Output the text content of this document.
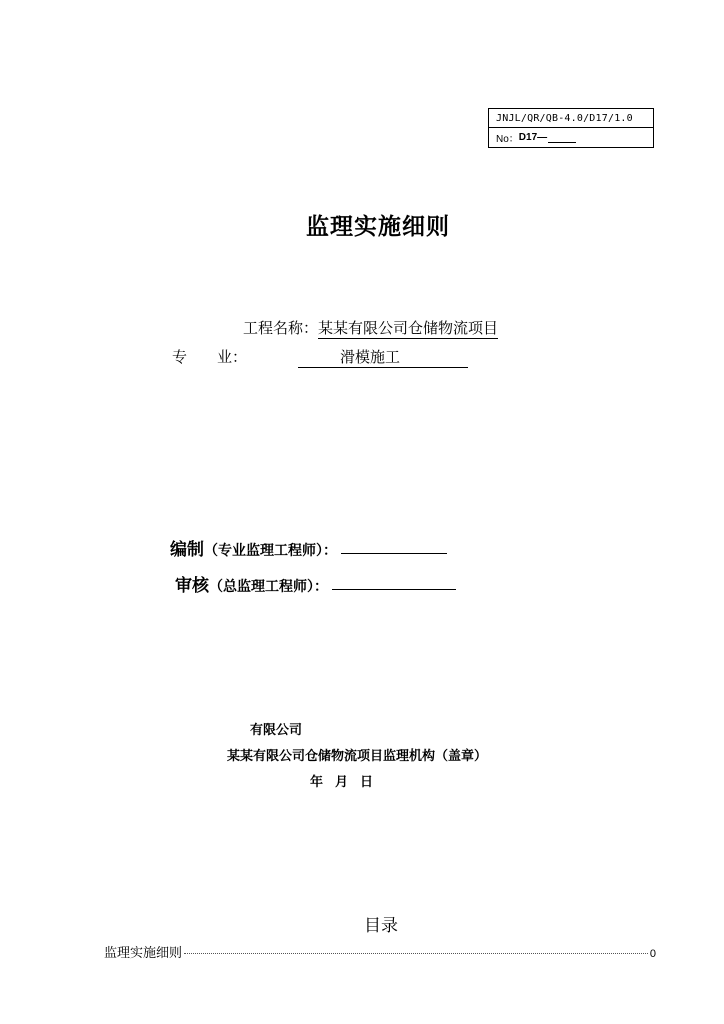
JNJL/QR/QB-4.0/D17/1.0
No： D17—
监理实施细则
工程名称：某某有限公司仓储物流项目
专 业：	滑模施工
编制 （专业监理工程师）：
审核 （总监理工程师）：
有限公司
某某有限公司仓储物流项目监理机构（盖章）
年 月 日
目录
监理实施细则	0
